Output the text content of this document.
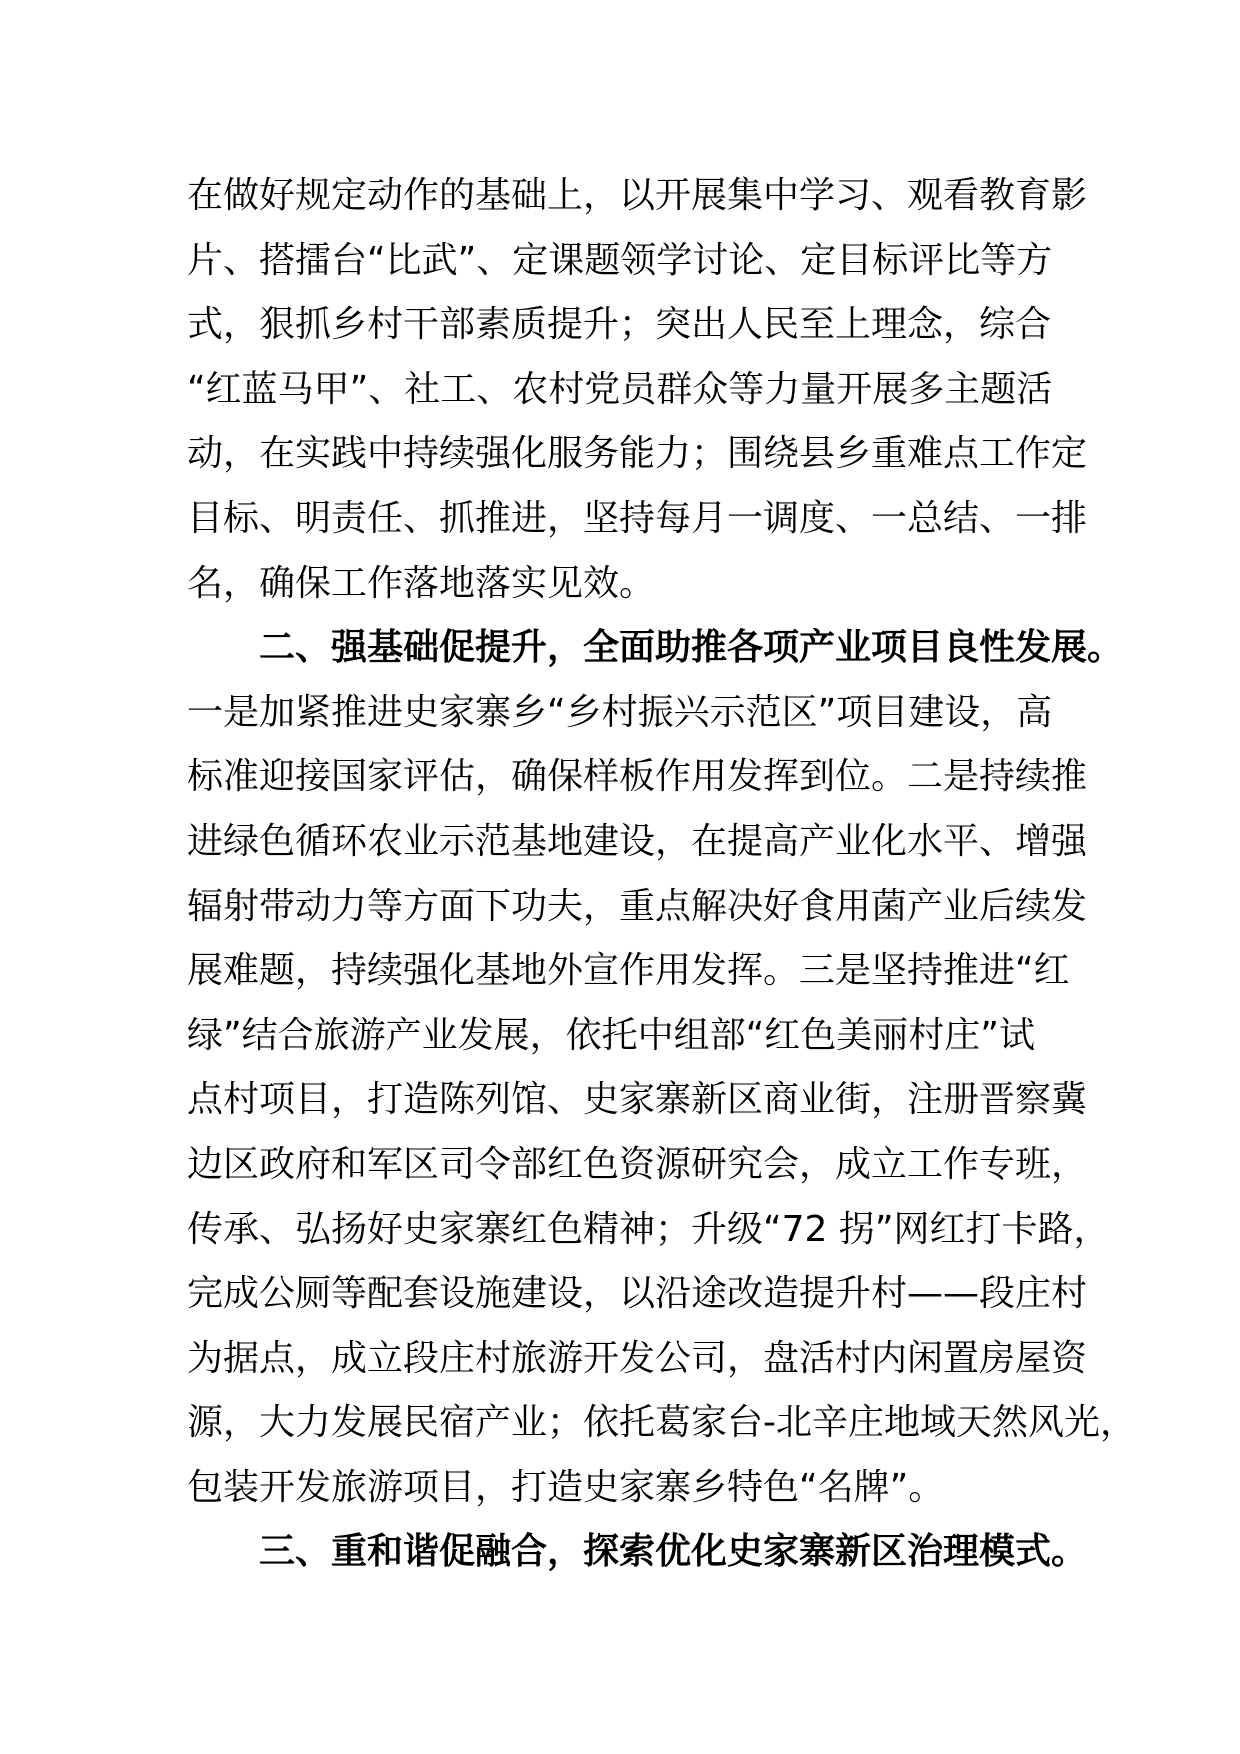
在做好规定动作的基础上，以开展集中学习、观看教育影
片、搭擂台“比武”、定课题领学讨论、定目标评比等方
式，狠抓乡村干部素质提升；突出人民至上理念，综合
“红蓝马甲”、社工、农村党员群众等力量开展多主题活
动，在实践中持续强化服务能力；围绕县乡重难点工作定
目标、明责任、抓推进，坚持每月一调度、一总结、一排
名，确保工作落地落实见效。
二、强基础促提升，全面助推各项产业项目良性发展。
一是加紧推进史家寨乡“乡村振兴示范区”项目建设，高
标准迎接国家评估，确保样板作用发挥到位。二是持续推
进绿色循环农业示范基地建设，在提高产业化水平、增强
辐射带动力等方面下功夫，重点解决好食用菌产业后续发
展难题，持续强化基地外宣作用发挥。三是坚持推进“红
绿”结合旅游产业发展，依托中组部“红色美丽村庄”试
点村项目，打造陈列馆、史家寨新区商业街，注册晋察冀
边区政府和军区司令部红色资源研究会，成立工作专班，
传承、弘扬好史家寨红色精神；升级“72 拐”网红打卡路，
完成公厕等配套设施建设，以沿途改造提升村——段庄村
为据点，成立段庄村旅游开发公司，盘活村内闲置房屋资
源，大力发展民宿产业；依托葛家台-北辛庄地域天然风光，
包装开发旅游项目，打造史家寨乡特色“名牌”。
三、重和谐促融合，探索优化史家寨新区治理模式。
